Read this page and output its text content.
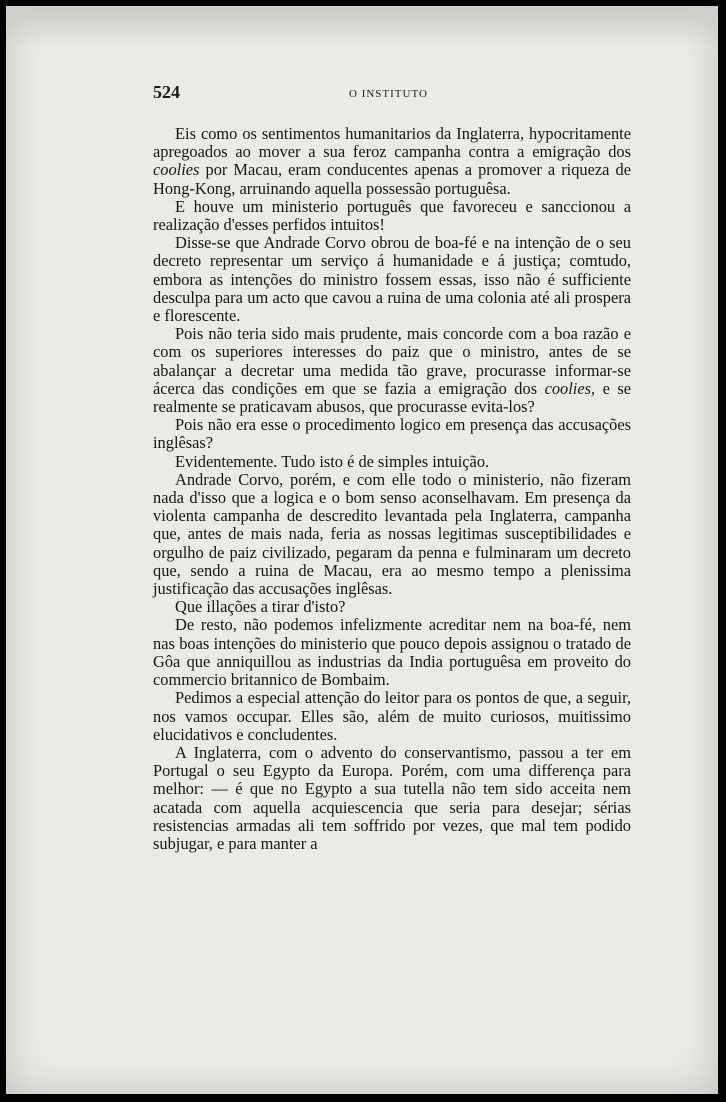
524	O INSTITUTO

Eis como os sentimentos humanitarios da Inglaterra, hypocritamente apregoados ao mover a sua feroz campanha contra a emigração dos coolies por Macau, eram conducentes apenas a promover a riqueza de Hong-Kong, arruinando aquella possessão portuguêsa.

E houve um ministerio português que favoreceu e sanccionou a realização d'esses perfidos intuitos!

Disse-se que Andrade Corvo obrou de boa-fé e na intenção de o seu decreto representar um serviço á humanidade e á justiça; comtudo, embora as intenções do ministro fossem essas, isso não é sufficiente desculpa para um acto que cavou a ruina de uma colonia até ali prospera e florescente.

Pois não teria sido mais prudente, mais concorde com a boa razão e com os superiores interesses do paiz que o ministro, antes de se abalançar a decretar uma medida tão grave, procurasse informar-se ácerca das condições em que se fazia a emigração dos coolies, e se realmente se praticavam abusos, que procurasse evita-los?

Pois não era esse o procedimento logico em presença das accusações inglêsas?

Evidentemente. Tudo isto é de simples intuição.

Andrade Corvo, porém, e com elle todo o ministerio, não fizeram nada d'isso que a logica e o bom senso aconselhavam. Em presença da violenta campanha de descredito levantada pela Inglaterra, campanha que, antes de mais nada, feria as nossas legitimas susceptibilidades e orgulho de paiz civilizado, pegaram da penna e fulminaram um decreto que, sendo a ruina de Macau, era ao mesmo tempo a plenissima justificação das accusações inglêsas.

Que illações a tirar d'isto?

De resto, não podemos infelizmente acreditar nem na boa-fé, nem nas boas intenções do ministerio que pouco depois assignou o tratado de Gôa que anniquillou as industrias da India portuguêsa em proveito do commercio britannico de Bombaim.

Pedimos a especial attenção do leitor para os pontos de que, a seguir, nos vamos occupar. Elles são, além de muito curiosos, muitissimo elucidativos e concludentes.

A Inglaterra, com o advento do conservantismo, passou a ter em Portugal o seu Egypto da Europa. Porém, com uma differença para melhor: — é que no Egypto a sua tutella não tem sido acceita nem acatada com aquella acquiescencia que seria para desejar; sérias resistencias armadas ali tem soffrido por vezes, que mal tem podido subjugar, e para manter a
